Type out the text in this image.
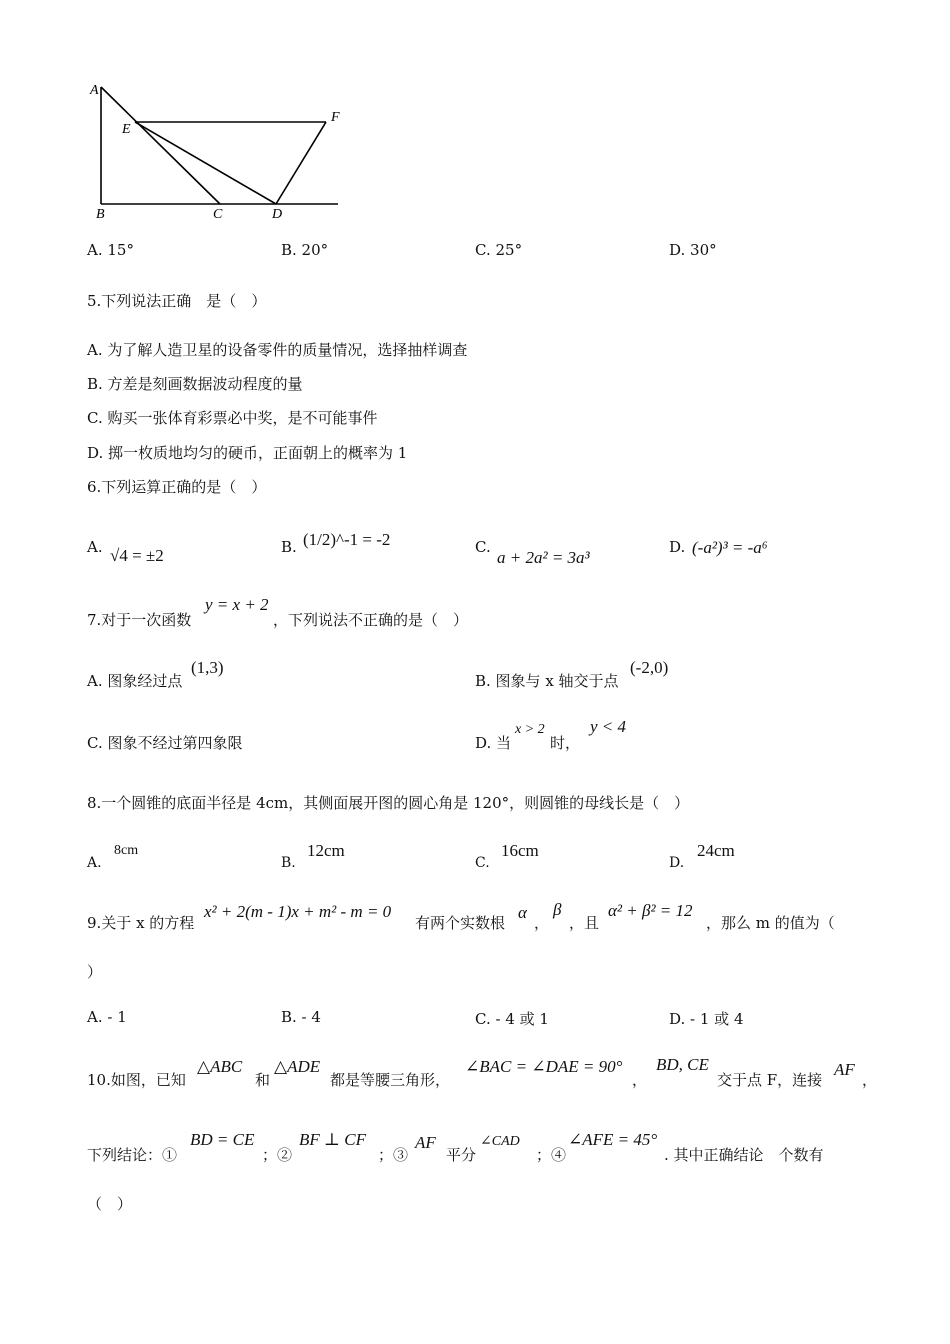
A
E
F
B	C	D
A. 15°	B. 20°	C. 25°	D. 30°
5.下列说法正确　是（　）
A. 为了解人造卫星的设备零件的质量情况，选择抽样调查
B. 方差是刻画数据波动程度的量
C. 购买一张体育彩票必中奖，是不可能事件
D. 掷一枚质地均匀的硬币，正面朝上的概率为 1
6.下列运算正确的是（　）
A. √4 = ±2	B. (1/2)^-1 = -2	C.
a + 2a² = 3a³
D. (-a²)³ = -a⁶
7.对于一次函数
y = x + 2
，下列说法不正确的是（　）
A. 图象经过点
(1,3)
B. 图象与 x 轴交于点
(-2,0)
C. 图象不经过第四象限	D. 当
x > 2
时，
y < 4
8.一个圆锥的底面半径是 4cm，其侧面展开图的圆心角是 120°，则圆锥的母线长是（　）
A.
8cm
B.
12cm
C.
16cm
D.
24cm
9.关于 x 的方程
x² + 2(m - 1)x + m² - m = 0
有两个实数根
α
，
β
，且
α² + β² = 12
，那么 m 的值为（
）
A. - 1	B. - 4	C. - 4 或 1	D. - 1 或 4
10.如图，已知
△ABC
和
△ADE
都是等腰三角形，
∠BAC = ∠DAE = 90°
，
BD, CE
交于点 F，连接
AF
，
下列结论：①
BD = CE
；②
BF ⊥ CF
；③
AF
平分
∠CAD
；④
∠AFE = 45°
. 其中正确结论　个数有
（　）
